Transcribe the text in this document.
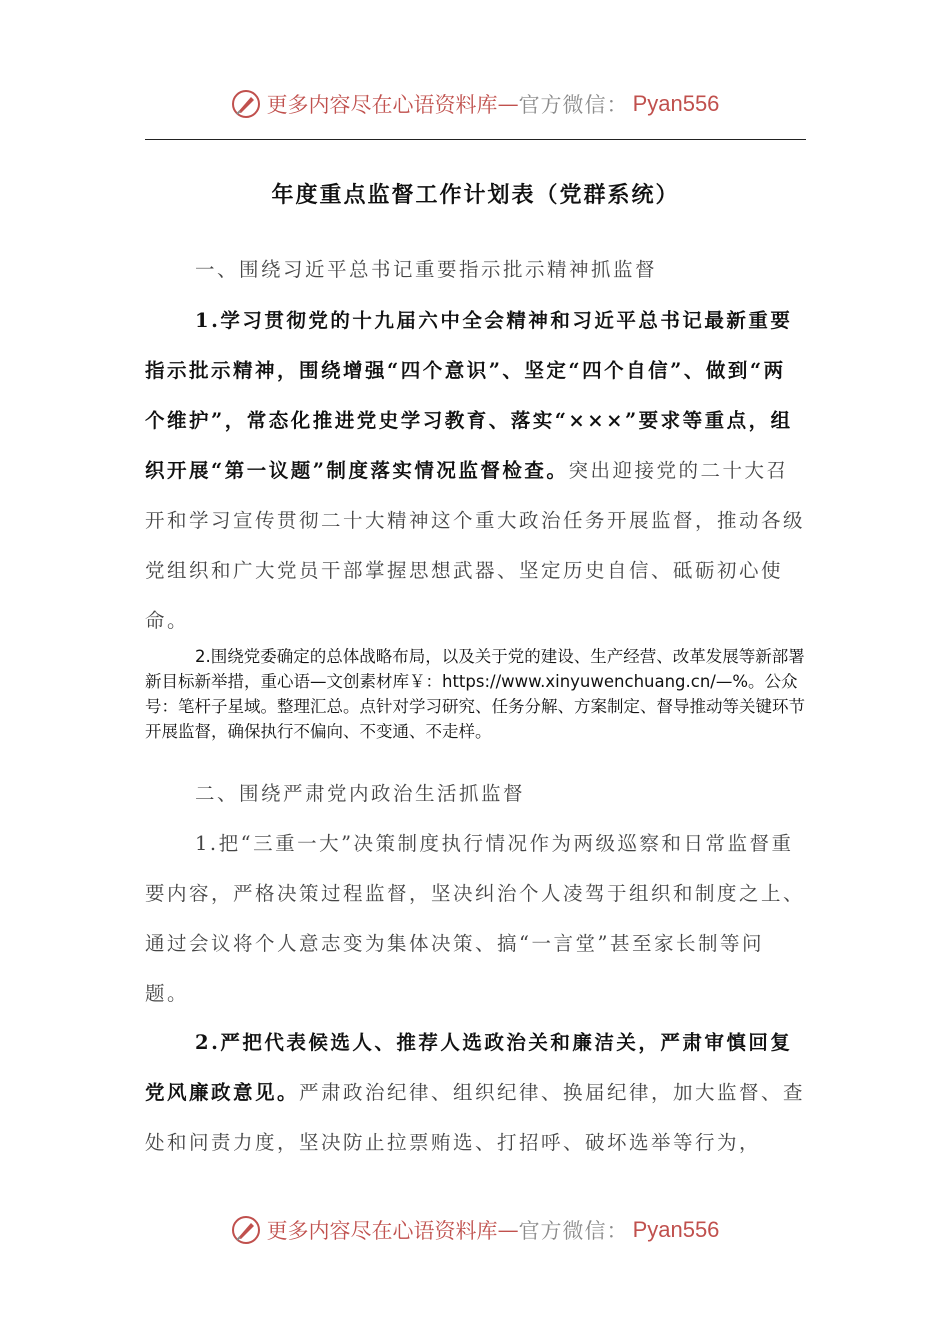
更多内容尽在心语资料库 — 官方微信： Pyan556
年度重点监督工作计划表（党群系统）
一、围绕习近平总书记重要指示批示精神抓监督
1.学习贯彻党的十九届六中全会精神和习近平总书记最新重要指示批示精神，围绕增强“四个意识”、坚定“四个自信”、做到“两个维护”，常态化推进党史学习教育、落实“×××”要求等重点，组织开展“第一议题”制度落实情况监督检查。突出迎接党的二十大召开和学习宣传贯彻二十大精神这个重大政治任务开展监督，推动各级党组织和广大党员干部掌握思想武器、坚定历史自信、砥砺初心使命。
2.围绕党委确定的总体战略布局，以及关于党的建设、生产经营、改革发展等新部署新目标新举措，重心语—文创素材库￥：https://www.xinyuwenchuang.cn/—%。公众号：笔杆子星域。整理汇总。点针对学习研究、任务分解、方案制定、督导推动等关键环节开展监督，确保执行不偏向、不变通、不走样。
二、围绕严肃党内政治生活抓监督
1.把“三重一大”决策制度执行情况作为两级巡察和日常监督重要内容，严格决策过程监督，坚决纠治个人凌驾于组织和制度之上、通过会议将个人意志变为集体决策、搞“一言堂”甚至家长制等问题。
2.严把代表候选人、推荐人选政治关和廉洁关，严肃审慎回复党风廉政意见。严肃政治纪律、组织纪律、换届纪律，加大监督、查处和问责力度，坚决防止拉票贿选、打招呼、破坏选举等行为，
更多内容尽在心语资料库 — 官方微信： Pyan556
